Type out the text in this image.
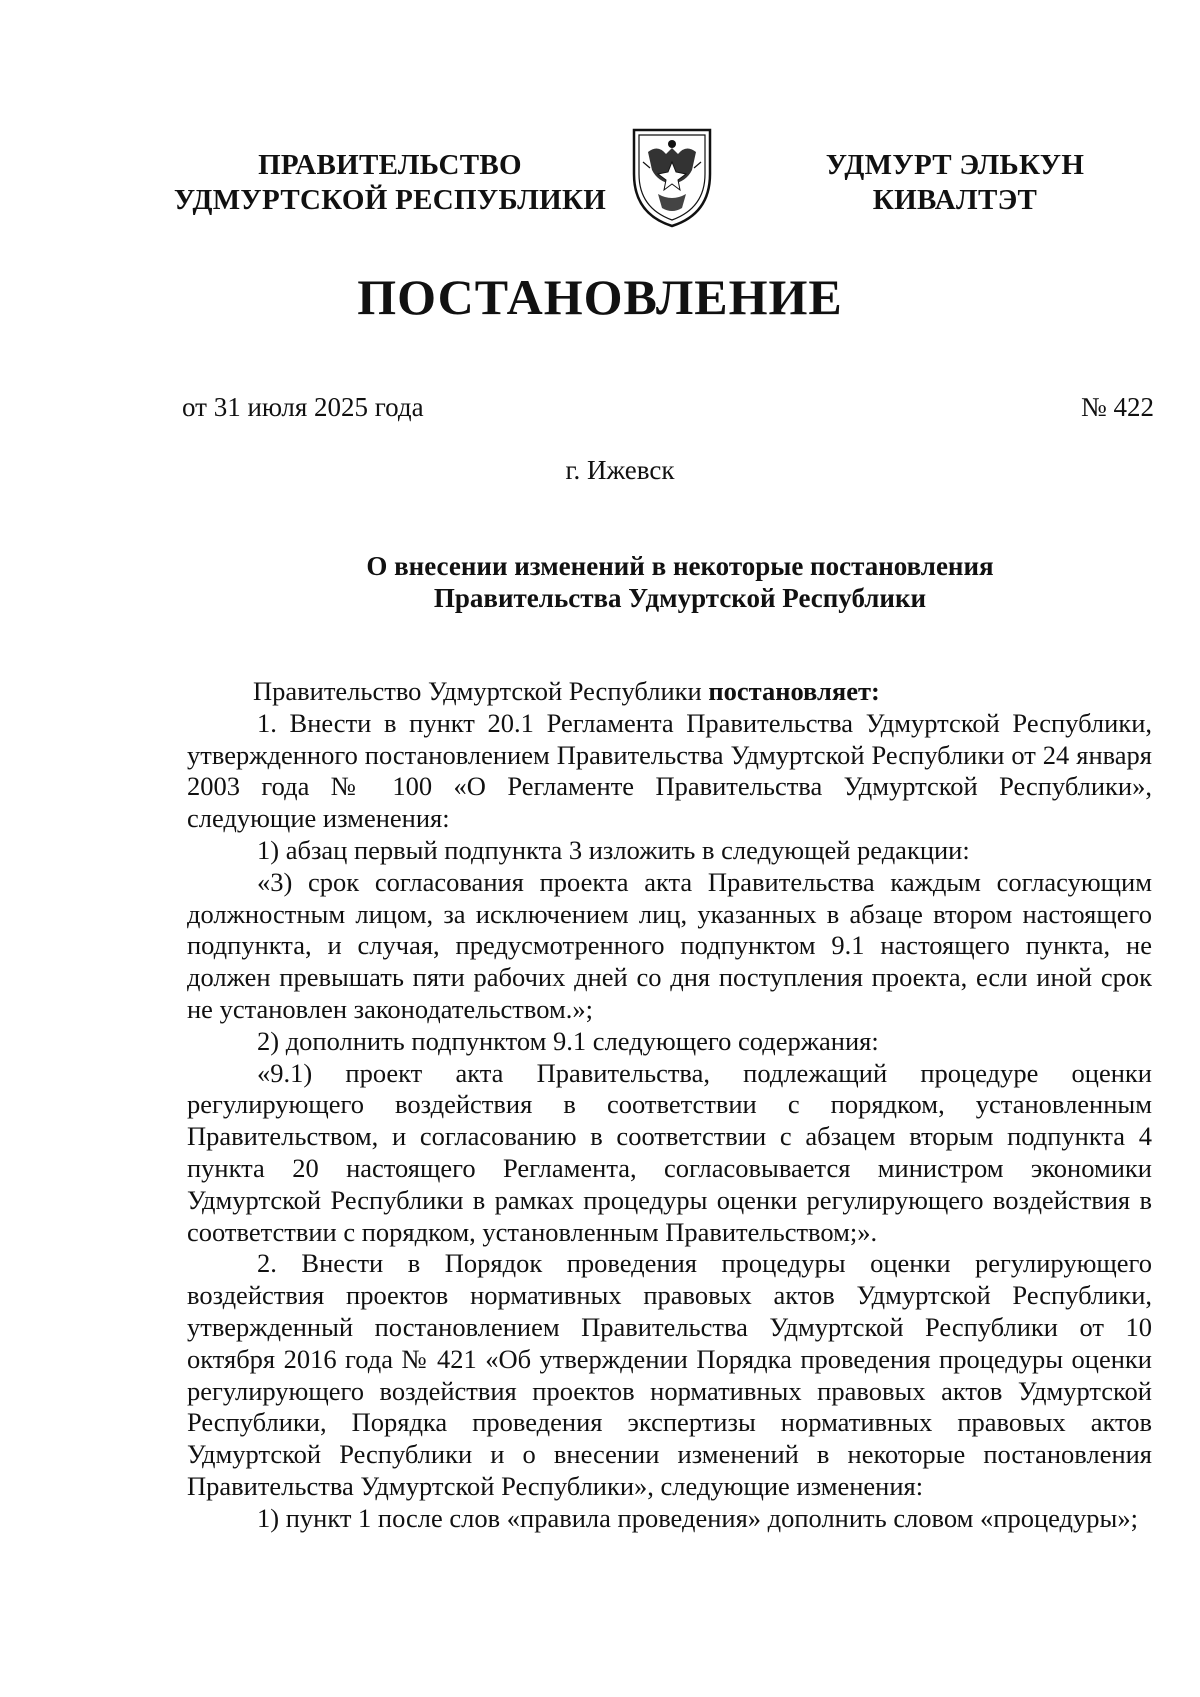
ПРАВИТЕЛЬСТВО
УДМУРТСКОЙ РЕСПУБЛИКИ
УДМУРТ ЭЛЬКУН
КИВАЛТЭТ
ПОСТАНОВЛЕНИЕ
от 31 июля 2025 года	№ 422
г. Ижевск
О внесении изменений в некоторые постановления
Правительства Удмуртской Республики

Правительство Удмуртской Республики постановляет:

1. Внести в пункт 20.1 Регламента Правительства Удмуртской Республики, утвержденного постановлением Правительства Удмуртской Республики от 24 января 2003 года № 100 «О Регламенте Правительства Удмуртской Республики», следующие изменения:

1) абзац первый подпункта 3 изложить в следующей редакции:

«3) срок согласования проекта акта Правительства каждым согласующим должностным лицом, за исключением лиц, указанных в абзаце втором настоящего подпункта, и случая, предусмотренного подпунктом 9.1 настоящего пункта, не должен превышать пяти рабочих дней со дня поступления проекта, если иной срок не установлен законодательством.»;

2) дополнить подпунктом 9.1 следующего содержания:

«9.1) проект акта Правительства, подлежащий процедуре оценки регулирующего воздействия в соответствии с порядком, установленным Правительством, и согласованию в соответствии с абзацем вторым подпункта 4 пункта 20 настоящего Регламента, согласовывается министром экономики Удмуртской Республики в рамках процедуры оценки регулирующего воздействия в соответствии с порядком, установленным Правительством;».

2. Внести в Порядок проведения процедуры оценки регулирующего воздействия проектов нормативных правовых актов Удмуртской Республики, утвержденный постановлением Правительства Удмуртской Республики от 10 октября 2016 года № 421 «Об утверждении Порядка проведения процедуры оценки регулирующего воздействия проектов нормативных правовых актов Удмуртской Республики, Порядка проведения экспертизы нормативных правовых актов Удмуртской Республики и о внесении изменений в некоторые постановления Правительства Удмуртской Республики», следующие изменения:

1) пункт 1 после слов «правила проведения» дополнить словом «процедуры»;
